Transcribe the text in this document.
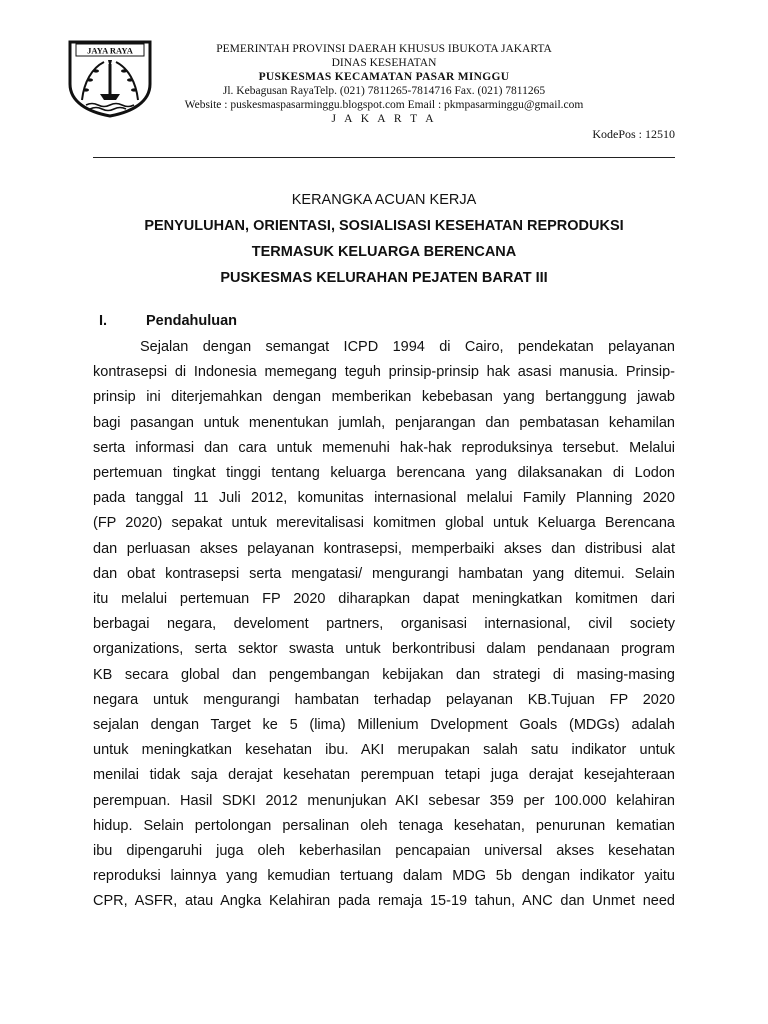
JAYA RAYA	PEMERINTAH PROVINSI DAERAH KHUSUS IBUKOTA JAKARTA
DINAS KESEHATAN
PUSKESMAS KECAMATAN PASAR MINGGU
Jl. Kebagusan RayaTelp. (021) 7811265-7814716 Fax. (021) 7811265
Website : puskesmaspasarminggu.blogspot.com Email : pkmpasarminggu@gmail.com
J A K A R T A
KodePos : 12510
KERANGKA ACUAN KERJA
PENYULUHAN, ORIENTASI, SOSIALISASI KESEHATAN REPRODUKSI
TERMASUK KELUARGA BERENCANA
PUSKESMAS KELURAHAN PEJATEN BARAT III
I.	Pendahuluan
Sejalan dengan semangat ICPD 1994 di Cairo, pendekatan pelayanan
kontrasepsi di Indonesia memegang teguh prinsip-prinsip hak asasi manusia. Prinsip-
prinsip ini diterjemahkan dengan memberikan kebebasan yang bertanggung jawab
bagi pasangan untuk menentukan jumlah, penjarangan dan pembatasan kehamilan
serta informasi dan cara untuk memenuhi hak-hak reproduksinya tersebut. Melalui
pertemuan tingkat tinggi tentang keluarga berencana yang dilaksanakan di Lodon
pada tanggal 11 Juli 2012, komunitas internasional melalui Family Planning 2020
(FP 2020) sepakat untuk merevitalisasi komitmen global untuk Keluarga Berencana
dan perluasan akses pelayanan kontrasepsi, memperbaiki akses dan distribusi alat
dan obat kontrasepsi serta mengatasi/ mengurangi hambatan yang ditemui. Selain
itu melalui pertemuan FP 2020 diharapkan dapat meningkatkan komitmen dari
berbagai negara, develoment partners, organisasi internasional, civil society
organizations, serta sektor swasta untuk berkontribusi dalam pendanaan program
KB secara global dan pengembangan kebijakan dan strategi di masing-masing
negara untuk mengurangi hambatan terhadap pelayanan KB.Tujuan FP 2020
sejalan dengan Target ke 5 (lima) Millenium Dvelopment Goals (MDGs) adalah
untuk meningkatkan kesehatan ibu. AKI merupakan salah satu indikator untuk
menilai tidak saja derajat kesehatan perempuan tetapi juga derajat kesejahteraan
perempuan. Hasil SDKI 2012 menunjukan AKI sebesar 359 per 100.000 kelahiran
hidup. Selain pertolongan persalinan oleh tenaga kesehatan, penurunan kematian
ibu dipengaruhi juga oleh keberhasilan pencapaian universal akses kesehatan
reproduksi lainnya yang kemudian tertuang dalam MDG 5b dengan indikator yaitu
CPR, ASFR, atau Angka Kelahiran pada remaja 15-19 tahun, ANC dan Unmet need
